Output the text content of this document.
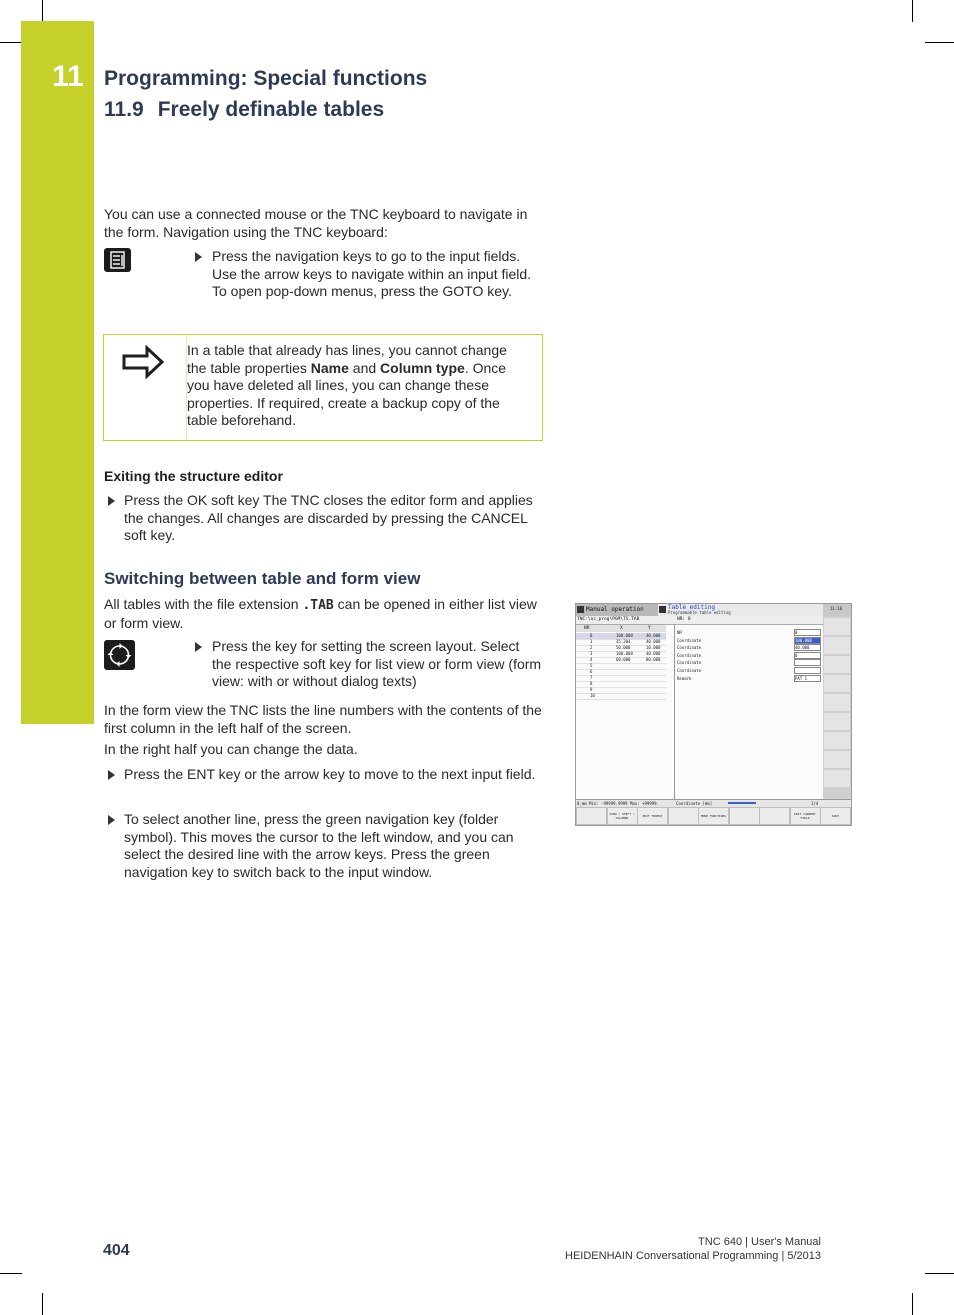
11 Programming: Special functions
11.9 Freely definable tables
You can use a connected mouse or the TNC keyboard to navigate in the form. Navigation using the TNC keyboard:
Press the navigation keys to go to the input fields. Use the arrow keys to navigate within an input field. To open pop-down menus, press the GOTO key.
In a table that already has lines, you cannot change the table properties Name and Column type. Once you have deleted all lines, you can change these properties. If required, create a backup copy of the table beforehand.
Exiting the structure editor
Press the OK soft key The TNC closes the editor form and applies the changes. All changes are discarded by pressing the CANCEL soft key.
Switching between table and form view
All tables with the file extension .TAB can be opened in either list view or form view.
Press the key for setting the screen layout. Select the respective soft key for list view or form view (form view: with or without dialog texts)
In the form view the TNC lists the line numbers with the contents of the first column in the left half of the screen.
In the right half you can change the data.
Press the ENT key or the arrow key to move to the next input field.
To select another line, press the green navigation key (folder symbol). This moves the cursor to the left window, and you can select the desired line with the arrow keys. Press the green navigation key to switch back to the input window.
Manual operation	Table editing
Programmable table editing
11:18
TNC:\nc_prog\PGM\TS.TAB	NR: 0
NR	X	Y
0	100.000	40.000
1	35.204	40.000
2	50.000	10.000
3	100.000	40.000
4	60.000	80.000
5
6
7
8
9
10
NR	0
Coordinate	100.000
Coordinate	40.000
Coordinate	0
Coordinate
Coordinate
Remark	PAT 1
0_mm Min: -99999.9999 Max: +99999.	Coordinate [mm]	1/4
VIEW / SHIFT / COLUMNS	EDIT FORMAT	MORE FUNCTIONS	EDIT CURRENT FIELD	SORT
404	TNC 640 | User's Manual
HEIDENHAIN Conversational Programming | 5/2013
